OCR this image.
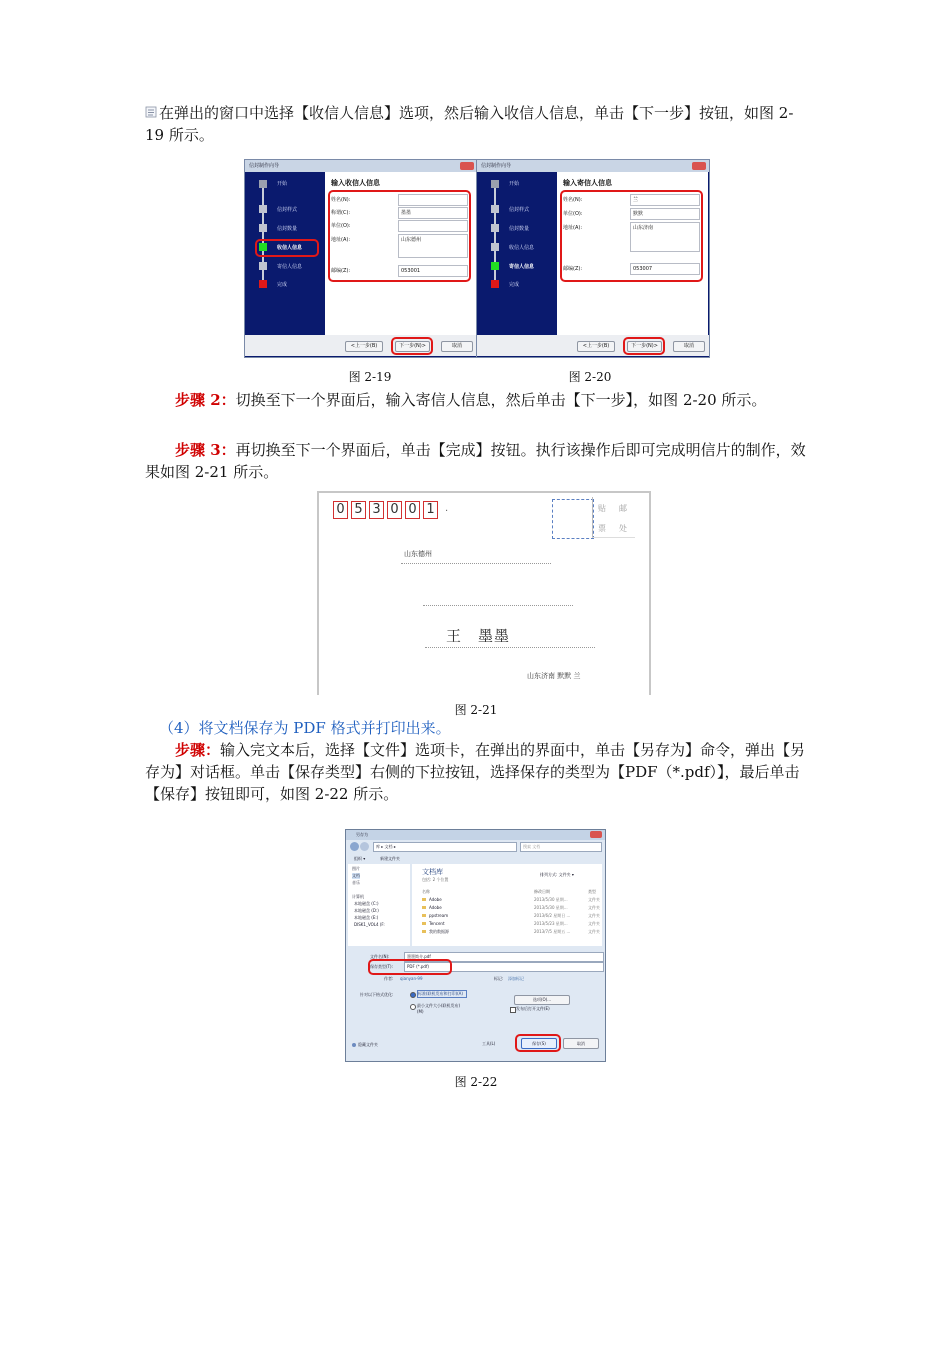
在弹出的窗口中选择【收信人信息】选项，然后输入收信人信息，单击【下一步】按钮，如图 2-19 所示。

信封制作向导
开始
信封样式
信封数量
收信人信息
寄信人信息
完成
输入收信人信息
姓名(N):
称谓(C):	墨墨
单位(O):
地址(A):	山东德州
邮编(Z):	053001
<上一步(B)	下一步(N)>	取消
信封制作向导
开始
信封样式
信封数量
收信人信息
寄信人信息
完成
输入寄信人信息
姓名(N):	兰
单位(O):	默默
地址(A):	山东济南
邮编(Z):	053007
<上一步(B)	下一步(N)>	取消
图 2-19	图 2-20

步骤 2：切换至下一个界面后，输入寄信人信息，然后单击【下一步】，如图 2-20 所示。

步骤 3：再切换至下一个界面后，单击【完成】按钮。执行该操作后即可完成明信片的制作，效果如图 2-21 所示。

0 5 3 0 0 1	.	贴 邮
票 处
山东德州
王　墨墨
山东济南 默默 兰
图 2-21

（4）将文档保存为 PDF 格式并打印出来。

步骤：输入完文本后，选择【文件】选项卡，在弹出的界面中，单击【另存为】命令，弹出【另存为】对话框。单击【保存类型】右侧的下拉按钮，选择保存的类型为【PDF（*.pdf）】，最后单击【保存】按钮即可，如图 2-22 所示。

另存为
库 ▸ 文档 ▸	搜索 文档
组织 ▾	新建文件夹
图片
文档
音乐
计算机
本地磁盘 (C:)
本地磁盘 (D:)
本地磁盘 (E:)
DISK1_VOL4 (F:
文档库
包括: 2 个位置
排列方式: 文件夹 ▾
名称	修改日期	类型
Adobe	2013/5/30 星期...	文件夹
Adobe	2013/5/30 星期...	文件夹
ppstream	2013/6/2 星期日 ...	文件夹
Tencent	2013/5/23 星期...	文件夹
我的数据源	2013/7/5 星期五 ...	文件夹
文件名(N):	墨墨简介.pdf
保存类型(T):	PDF (*.pdf)
作者: qianyan-99	标记: 添加标记
针对以下格式优化:	标准(联机发布和打印)(A)
最小文件大小(联机发布)(M)
选项(O)...
发布后打开文件(E)
隐藏文件夹	工具(L)	保存(S)	取消
图 2-22
